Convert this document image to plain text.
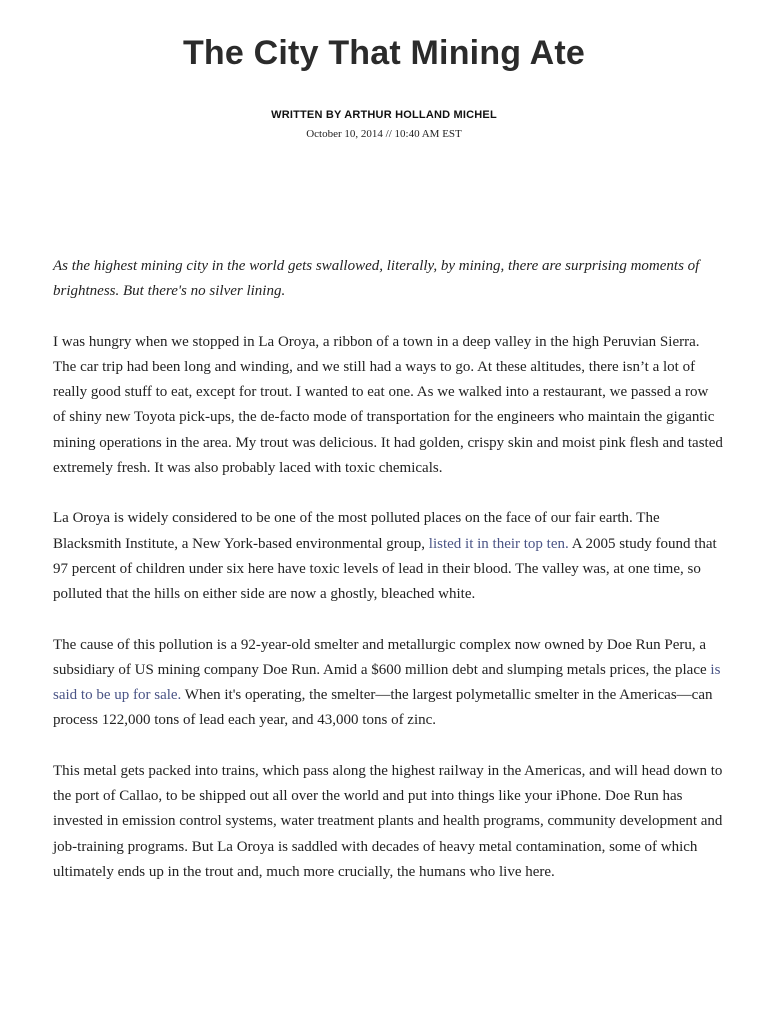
The City That Mining Ate
WRITTEN BY ARTHUR HOLLAND MICHEL
October 10, 2014 // 10:40 AM EST

As the highest mining city in the world gets swallowed, literally, by mining, there are surprising moments of brightness. But there's no silver lining.

I was hungry when we stopped in La Oroya, a ribbon of a town in a deep valley in the high Peruvian Sierra. The car trip had been long and winding, and we still had a ways to go. At these altitudes, there isn’t a lot of really good stuff to eat, except for trout. I wanted to eat one. As we walked into a restaurant, we passed a row of shiny new Toyota pick-ups, the de-facto mode of transportation for the engineers who maintain the gigantic mining operations in the area. My trout was delicious. It had golden, crispy skin and moist pink flesh and tasted extremely fresh. It was also probably laced with toxic chemicals.

La Oroya is widely considered to be one of the most polluted places on the face of our fair earth. The Blacksmith Institute, a New York-based environmental group, listed it in their top ten. A 2005 study found that 97 percent of children under six here have toxic levels of lead in their blood. The valley was, at one time, so polluted that the hills on either side are now a ghostly, bleached white.

The cause of this pollution is a 92-year-old smelter and metallurgic complex now owned by Doe Run Peru, a subsidiary of US mining company Doe Run. Amid a $600 million debt and slumping metals prices, the place is said to be up for sale. When it's operating, the smelter—the largest polymetallic smelter in the Americas—can process 122,000 tons of lead each year, and 43,000 tons of zinc.

This metal gets packed into trains, which pass along the highest railway in the Americas, and will head down to the port of Callao, to be shipped out all over the world and put into things like your iPhone. Doe Run has invested in emission control systems, water treatment plants and health programs, community development and job-training programs. But La Oroya is saddled with decades of heavy metal contamination, some of which ultimately ends up in the trout and, much more crucially, the humans who live here.
